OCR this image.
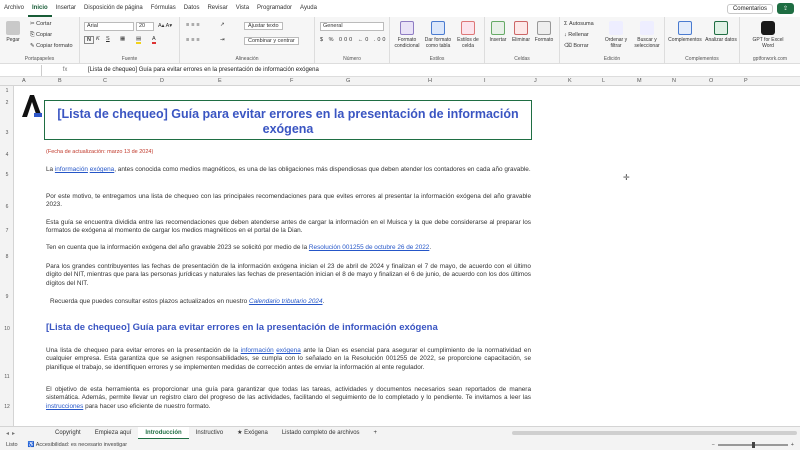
Archivo	Inicio	Insertar	Disposición de página	Fórmulas	Datos	Revisar	Vista	Programador	Ayuda	Comentarios	⇪
Pegar
✂ Cortar
⎘ Copiar
✎ Copiar formato
Portapapeles
Arial	20	A▴ A▾
N K S ▦ ▤ A
Fuente
≡≡≡	↗	Ajustar texto
≡≡≡	⇥	Combinar y centrar
Alineación
General
$ % 000 ←0 .00
Número
Formato condicional
Dar formato como tabla
Estilos de celda
Estilos
Insertar	Eliminar Formato
Celdas
Σ Autosuma
↓ Rellenar
⌫ Borrar
Ordenar y filtrar
Buscar y seleccionar
Edición
Complementos Analizar datos
Complementos
GPT for Excel Word
gptforwork.com
fx	[Lista de chequeo] Guía para evitar errores en la presentación de información exógena
A	B	C	D	E	F	G	H	I	J	K	L	M	N	O	P
1
2
3
4
5
6
7
8
9
10
11
12
[Lista de chequeo] Guía para evitar errores en la presentación de información exógena
(Fecha de actualización: marzo 13 de 2024)
La información exógena, antes conocida como medios magnéticos, es una de las obligaciones más dispendiosas que deben atender los contadores en cada año gravable.
Por este motivo, te entregamos una lista de chequeo con las principales recomendaciones para que evites errores al presentar la información exógena del año gravable 2023.
Esta guía se encuentra dividida entre las recomendaciones que deben atenderse antes de cargar la información en el Muisca y la que debe considerarse al preparar los formatos de exógena al momento de cargar los medios magnéticos en el portal de la Dian.
Ten en cuenta que la información exógena del año gravable 2023 se solicitó por medio de la Resolución 001255 de octubre 26 de 2022.
Para los grandes contribuyentes las fechas de presentación de la información exógena inician el 23 de abril de 2024 y finalizan el 7 de mayo, de acuerdo con el último dígito del NIT, mientras que para las personas jurídicas y naturales las fechas de presentación inician el 8 de mayo y finalizan el 6 de junio, de acuerdo con los dos últimos dígitos del NIT.
Recuerda que puedes consultar estos plazos actualizados en nuestro Calendario tributario 2024.
[Lista de chequeo] Guía para evitar errores en la presentación de información exógena
Una lista de chequeo para evitar errores en la presentación de la información exógena ante la Dian es esencial para asegurar el cumplimiento de la normatividad en cualquier empresa. Esta garantiza que se asignen responsabilidades, se cumpla con lo señalado en la Resolución 001255 de 2022, se proporcione capacitación, se planifique el trabajo, se identifiquen errores y se implementen medidas de corrección antes de enviar la información al ente regulador.
El objetivo de esta herramienta es proporcionar una guía para garantizar que todas las tareas, actividades y documentos necesarios sean reportados de manera sistemática. Además, permite llevar un registro claro del progreso de las actividades, facilitando el seguimiento de lo completado y lo pendiente. Te invitamos a leer las instrucciones para hacer uso eficiente de nuestro formato.
✛
◂▸	Copyright	Empieza aquí	Introducción	Instructivo	★ Exógena	Listado completo de archivos	+
Listo	♿ Accesibilidad: es necesario investigar	−	+
